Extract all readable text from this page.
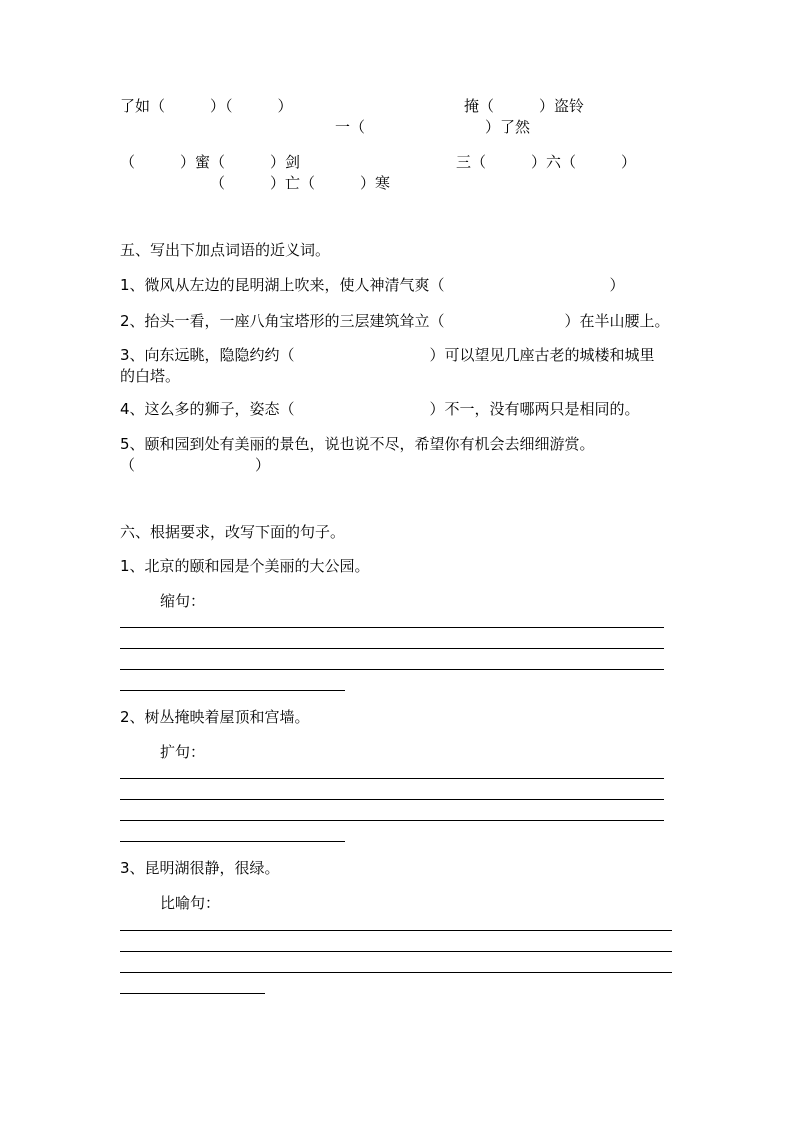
了如（　　　）（　　　）	掩（　　　）盗铃
一（　　　　　　　　）了然
（　　　）蜜（　　　）剑	三（　　　）六（　　　）
（　　　）亡（　　　）寒
五、写出下加点词语的近义词。
1、微风从左边的昆明湖上吹来，使人神清气爽（　　　　　　　　　　　）
2、抬头一看，一座八角宝塔形的三层建筑耸立（　　　　　　　　）在半山腰上。
3、向东远眺，隐隐约约（　　　　　　　　　）可以望见几座古老的城楼和城里
的白塔。
4、这么多的狮子，姿态（　　　　　　　　　）不一，没有哪两只是相同的。
5、颐和园到处有美丽的景色，说也说不尽，希望你有机会去细细游赏。
（　　　　　　　　）
六、根据要求，改写下面的句子。
1、北京的颐和园是个美丽的大公园。
缩句：
2、树丛掩映着屋顶和宫墙。
扩句：
3、昆明湖很静，很绿。
比喻句：
